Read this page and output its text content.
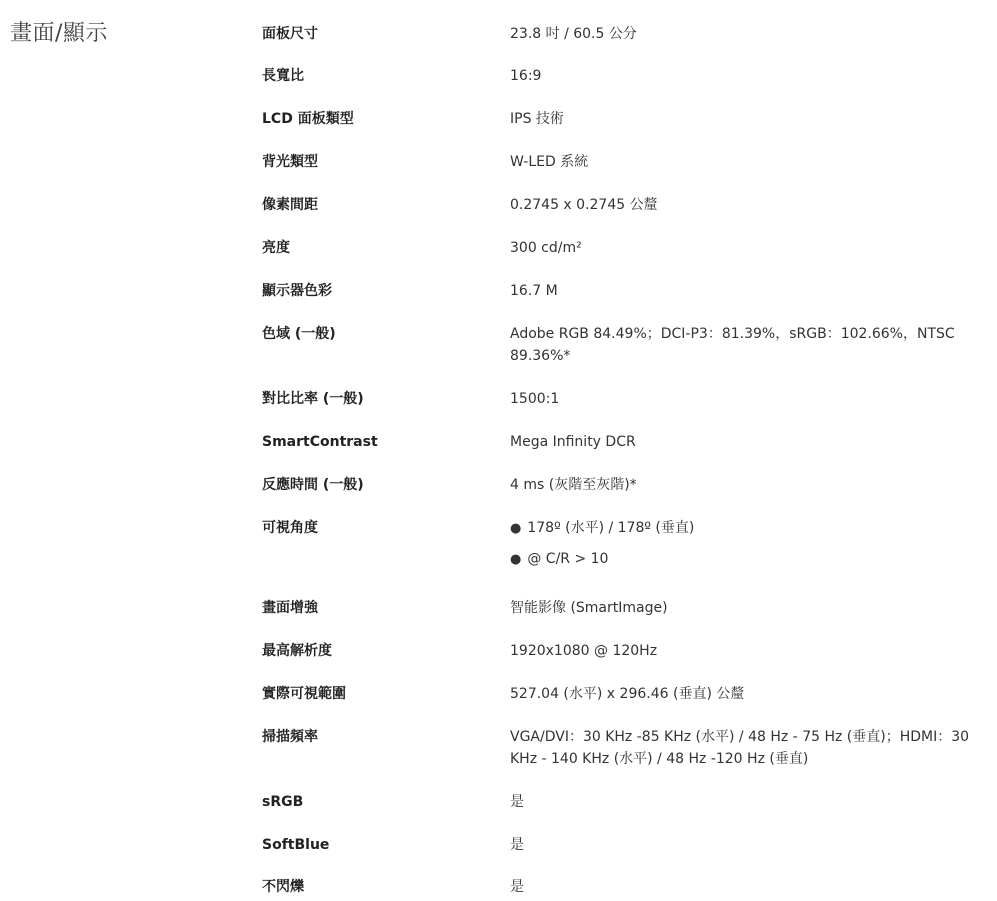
畫面/顯示	面板尺寸	23.8 吋 / 60.5 公分
長寬比	16:9
LCD 面板類型	IPS 技術
背光類型	W-LED 系統
像素間距	0.2745 x 0.2745 公釐
亮度	300 cd/m²
顯示器色彩	16.7 M
色域 (一般)	Adobe RGB 84.49%；DCI-P3：81.39%，sRGB：102.66%，NTSC 89.36%*
對比比率 (一般)	1500:1
SmartContrast	Mega Infinity DCR
反應時間 (一般)	4 ms (灰階至灰階)*
可視角度	● 178º (水平) / 178º (垂直)
● @ C/R > 10
畫面增強	智能影像 (SmartImage)
最高解析度	1920x1080 @ 120Hz
實際可視範圍	527.04 (水平) x 296.46 (垂直) 公釐
掃描頻率	VGA/DVI：30 KHz -85 KHz (水平) / 48 Hz - 75 Hz (垂直)；HDMI：30 KHz - 140 KHz (水平) / 48 Hz -120 Hz (垂直)
sRGB	是
SoftBlue	是
不閃爍	是
